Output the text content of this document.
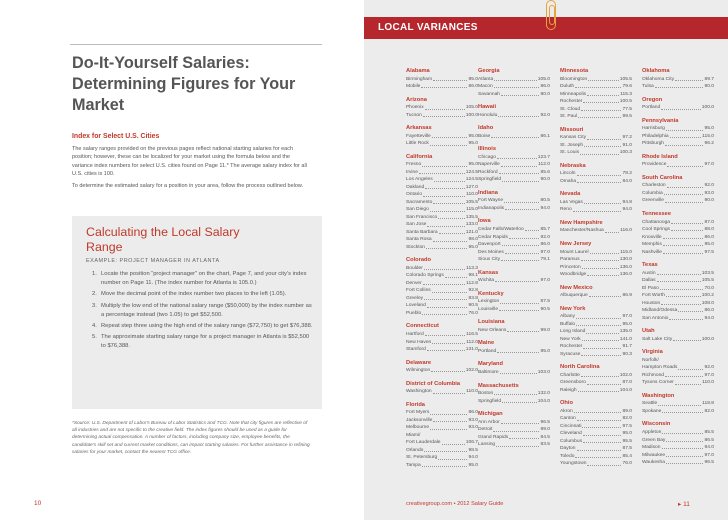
Do-It-Yourself Salaries: Determining Figures for Your Market
Index for Select U.S. Cities

The salary ranges provided on the previous pages reflect national starting salaries for each position; however, these can be localized for your market using the formula below and the variance index numbers for select U.S. cities found on Page 11.* The average salary index for all U.S. cities is 100.

To determine the estimated salary for a position in your area, follow the process outlined below.

Calculating the Local Salary Range
EXAMPLE: PROJECT MANAGER IN ATLANTA
1. Locate the position “project manager” on the chart, Page 7, and your city’s index number on Page 11. (The index number for Atlanta is 105.0.)
2. Move the decimal point of the index number two places to the left (1.05).
3. Multiply the low end of the national salary range ($50,000) by the index number as a percentage instead (two 1.05) to get $52,500.
4. Repeat step three using the high end of the salary range ($72,750) to get $76,388.
5. The approximate starting salary range for a project manager in Atlanta is $52,500 to $76,388.
*Source: U.S. Department of Labor's Bureau of Labor Statistics and TCG. Note that city figures are reflective of all industries and are not specific to the creative field. The index figures should be used as a guide for determining actual compensation. A number of factors, including company size, employee benefits, the candidate's skill set and current market conditions, can impact starting salaries. For further assistance in refining salaries for your market, contact the nearest TCG office.
10
LOCAL VARIANCES
Alabama
Birmingham	95.0
Mobile	86.0
Arizona
Phoenix	105.0
Tucson	100.0
Arkansas
Fayetteville	95.0
Little Rock	95.0
California
Fresno	95.0
Irvine	124.5
Los Angeles	124.5
Oakland	127.0
Ontario	110.0
Sacramento	105.5
San Diego	115.0
San Francisco	135.5
San Jose	133.0
Santa Barbara	121.0
Santa Rosa	98.0
Stockton	95.0
Colorado
Boulder	113.3
Colorado Springs	98.1
Denver	112.8
Fort Collins	92.8
Greeley	83.8
Loveland	90.5
Pueblo	76.0
Connecticut
Hartford	116.5
New Haven	112.0
Stamford	131.0
Delaware
Wilmington	102.0
District of Columbia
Washington	110.0
Florida
Fort Myers	86.0
Jacksonville	93.0
Melbourne	93.0
Miami/
Fort Lauderdale	106.7
Orlando	98.5
St. Petersburg	94.0
Tampa	95.0
Georgia
Atlanta	105.0
Macon	86.0
Savannah	80.0
Hawaii
Honolulu	92.0
Idaho
Boise	86.1
Illinois
Chicago	123.7
Naperville	112.0
Rockford	85.6
Springfield	90.0
Indiana
Fort Wayne	80.5
Indianapolis	94.0
Iowa
Cedar Falls/Waterloo	85.7
Cedar Rapids	92.0
Davenport	86.0
Des Moines	97.0
Sioux City	79.1
Kansas
Wichita	97.0
Kentucky
Lexington	87.5
Louisville	90.5
Louisiana
New Orleans	99.0
Maine
Portland	95.0
Maryland
Baltimore	103.0
Massachusetts
Boston	132.0
Springfield	104.0
Michigan
Ann Arbor	96.5
Detroit	99.0
Grand Rapids	84.5
Lansing	83.5
Minnesota
Bloomington	105.5
Duluth	79.6
Minneapolis	115.3
Rochester	100.5
St. Cloud	77.5
St. Paul	99.5
Missouri
Kansas City	97.2
St. Joseph	91.0
St. Louis	100.3
Nebraska
Lincoln	78.2
Omaha	84.0
Nevada
Las Vegas	94.8
Reno	94.0
New Hampshire
Manchester/Nashua	116.0
New Jersey
Mount Laurel	115.0
Paramus	130.0
Princeton	136.0
Woodbridge	136.0
New Mexico
Albuquerque	86.9
New York
Albany	97.0
Buffalo	95.0
Long Island	135.0
New York	141.0
Rochester	91.7
Syracuse	90.3
North Carolina
Charlotte	102.0
Greensboro	87.0
Raleigh	104.0
Ohio
Akron	89.0
Canton	82.0
Cincinnati	97.5
Cleveland	95.0
Columbus	95.5
Dayton	87.5
Toledo	85.4
Youngstown	76.0
Oklahoma
Oklahoma City	89.7
Tulsa	90.0
Oregon
Portland	100.0
Pennsylvania
Harrisburg	95.0
Philadelphia	115.0
Pittsburgh	96.2
Rhode Island
Providence	97.0
South Carolina
Charleston	92.0
Columbia	93.0
Greenville	90.0
Tennessee
Chattanooga	87.0
Cool Springs	88.0
Knoxville	86.0
Memphis	95.0
Nashville	97.5
Texas
Austin	103.5
Dallas	105.5
El Paso	70.0
Fort Worth	100.2
Houston	108.0
Midland/Odessa	86.0
San Antonio	94.0
Utah
Salt Lake City	100.0
Virginia
Norfolk/
Hampton Roads	92.0
Richmond	97.0
Tysons Corner	110.0
Washington
Seattle	118.8
Spokane	82.0
Wisconsin
Appleton	85.5
Green Bay	86.5
Madison	94.0
Milwaukee	97.0
Waukesha	96.5
creativegroup.com • 2012 Salary Guide	▸ 11
